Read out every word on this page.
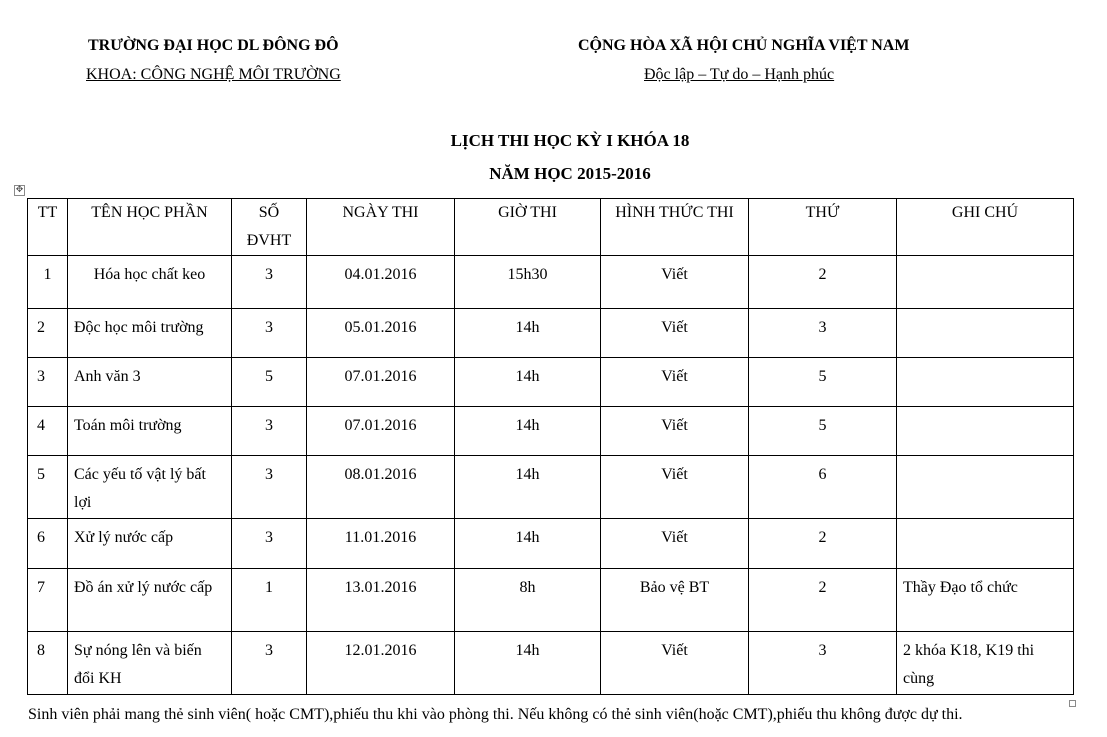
TRƯỜNG ĐẠI HỌC DL ĐÔNG ĐÔ
KHOA: CÔNG NGHỆ MÔI TRƯỜNG
CỘNG HÒA XÃ HỘI CHỦ NGHĨA VIỆT NAM
Độc lập – Tự do – Hạnh phúc
LỊCH THI HỌC KỲ I KHÓA 18
NĂM HỌC 2015-2016
✥
TT	TÊN HỌC PHẦN	SỐ ĐVHT	NGÀY THI	GIỜ THI	HÌNH THỨC THI	THỨ	GHI CHÚ
1	Hóa học chất keo	3	04.01.2016	15h30	Viết	2	
2	Độc học môi trường	3	05.01.2016	14h	Viết	3	
3	Anh văn 3	5	07.01.2016	14h	Viết	5	
4	Toán môi trường	3	07.01.2016	14h	Viết	5	
5	Các yếu tố vật lý bất lợi	3	08.01.2016	14h	Viết	6	
6	Xử lý nước cấp	3	11.01.2016	14h	Viết	2	
7	Đồ án xử lý nước cấp	1	13.01.2016	8h	Bảo vệ BT	2	Thầy Đạo tổ chức
8	Sự nóng lên và biến đổi KH	3	12.01.2016	14h	Viết	3	2 khóa K18, K19 thi cùng
Sinh viên phải mang thẻ sinh viên( hoặc CMT),phiếu thu khi vào phòng thi. Nếu không có thẻ sinh viên(hoặc CMT),phiếu thu không được dự thi.
